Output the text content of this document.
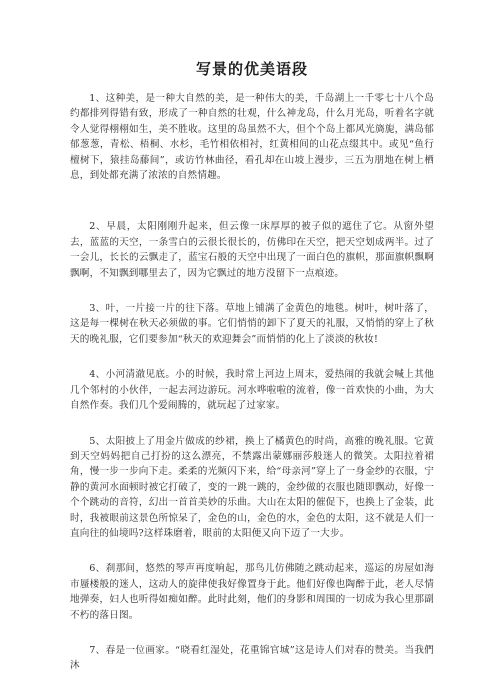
写景的优美语段

1、这种美，是一种大自然的美，是一种伟大的美，千岛湖上一千零七十八个岛约都排列得错有致，形成了一种自然的壮观，什么神龙岛，什么月光岛，听着名字就令人觉得栩栩如生，美不胜收。这里的岛虽然不大，但个个岛上都风光旖旎，满岛郁郁葱葱，青松、梧桐、水杉，毛竹相依相衬，红黄相间的山花点缀其中。或见“鱼行檀树下，猿挂岛藤间”，或访竹林曲径，看孔却在山坡上漫步，三五为朋地在树上栖息，到处都充满了浓浓的自然情趣。

2、早晨，太阳刚刚升起来，但云像一床厚厚的被子似的遮住了它。从窗外望去，蓝蓝的天空，一条雪白的云很长很长的，仿佛印在天空，把天空划成两半。过了一会儿，长长的云飘走了，蓝宝石般的天空中出现了一面白色的旗帜，那面旗帜飘啊飘啊，不知飘到哪里去了，因为它飘过的地方没留下一点痕迹。

3、叶，一片接一片的往下落。草地上铺满了金黄色的地毯。树叶，树叶落了，这是每一棵树在秋天必须做的事。它们悄悄的卸下了夏天的礼服，又悄悄的穿上了秋天的晚礼服，它们要参加“秋天的欢迎舞会”而悄悄的化上了淡淡的秋妆!

4、小河清澈见底。小的时候，我时常上河边上周末，爱热闹的我就会喊上其他几个邻村的小伙伴，一起去河边游玩。河水哗啦啦的流着，像一首欢快的小曲，为大自然作奏。我们几个爱闹腾的，就玩起了过家家。

5、太阳披上了用金片做成的纱裙，换上了橘黄色的时尚，高雅的晚礼服。它黄到天空妈妈把自己打扮的这么漂亮，不禁露出蒙娜丽莎般迷人的微笑。太阳拉着裙角，慢一步一步向下走。柔柔的光频闪下来，给“母亲河”穿上了一身金纱的衣服，宁静的黄河水面顿时被它打破了，变的一跳一跳的，金纱做的衣服也随即飘动，好像一个个跳动的音符，幻出一首首美妙的乐曲。大山在太阳的催促下，也换上了金装，此时，我被眼前这景色所惊呆了，金色的山，金色的水，金色的太阳，这不就是人们一直向往的仙境吗?这样珠磨着，眼前的太阳便又向下迈了一大步。

6、刹那间，悠然的琴声再度响起，那鸟儿仿佛随之跳动起来，巡运的房屋如海市蜃楼般的迷人，这动人的旋律使我好像置身于此。他们好像也陶醉于此，老人尽情地弹奏，妇人也听得如痴如醉。此时此刻，他们的身影和周围的一切成为我心里那副不朽的落日图。

7、春是一位画家。“晓看红湿处，花重锦官城”这是诗人们对春的赞美。当我們沐
